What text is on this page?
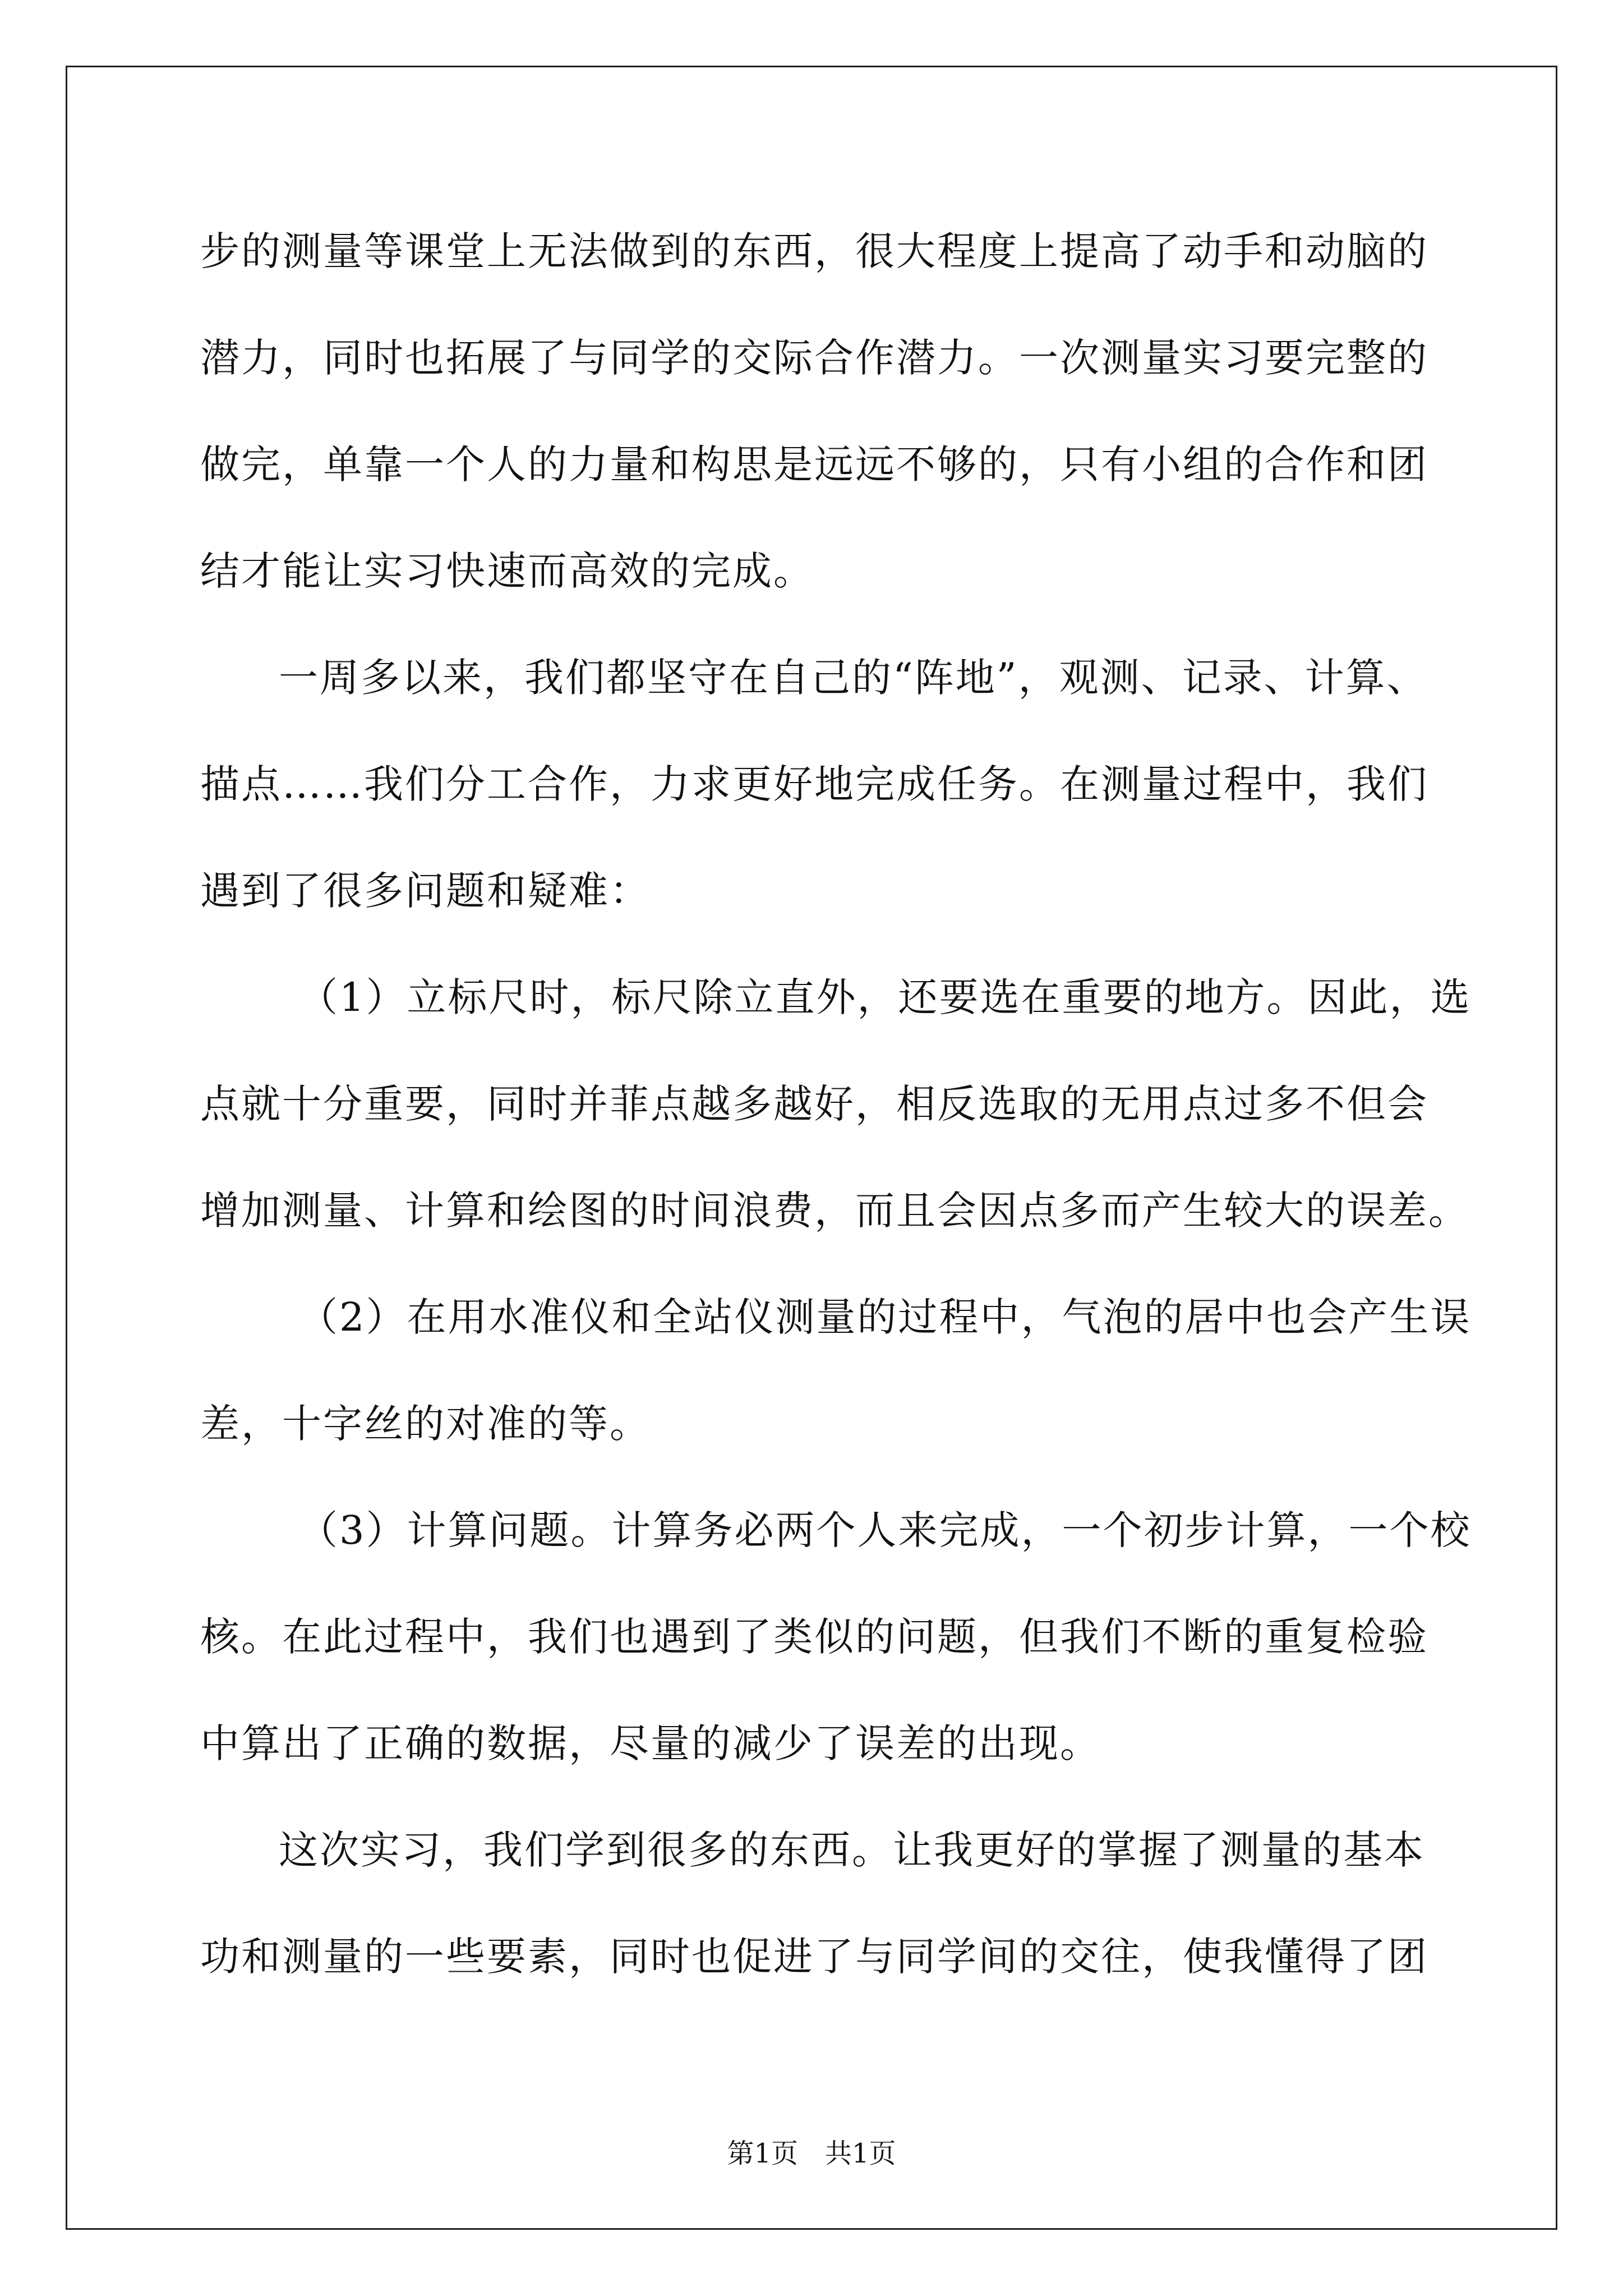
步的测量等课堂上无法做到的东西，很大程度上提高了动手和动脑的
潜力，同时也拓展了与同学的交际合作潜力。一次测量实习要完整的
做完，单靠一个人的力量和构思是远远不够的，只有小组的合作和团
结才能让实习快速而高效的完成。
一周多以来，我们都坚守在自己的“阵地”，观测、记录、计算、
描点……我们分工合作，力求更好地完成任务。在测量过程中，我们
遇到了很多问题和疑难：
（1）立标尺时，标尺除立直外，还要选在重要的地方。因此，选
点就十分重要，同时并菲点越多越好，相反选取的无用点过多不但会
增加测量、计算和绘图的时间浪费，而且会因点多而产生较大的误差。
（2）在用水准仪和全站仪测量的过程中，气泡的居中也会产生误
差，十字丝的对准的等。
（3）计算问题。计算务必两个人来完成，一个初步计算，一个校
核。在此过程中，我们也遇到了类似的问题，但我们不断的重复检验
中算出了正确的数据，尽量的减少了误差的出现。
这次实习，我们学到很多的东西。让我更好的掌握了测量的基本
功和测量的一些要素，同时也促进了与同学间的交往，使我懂得了团
第1页　共1页
